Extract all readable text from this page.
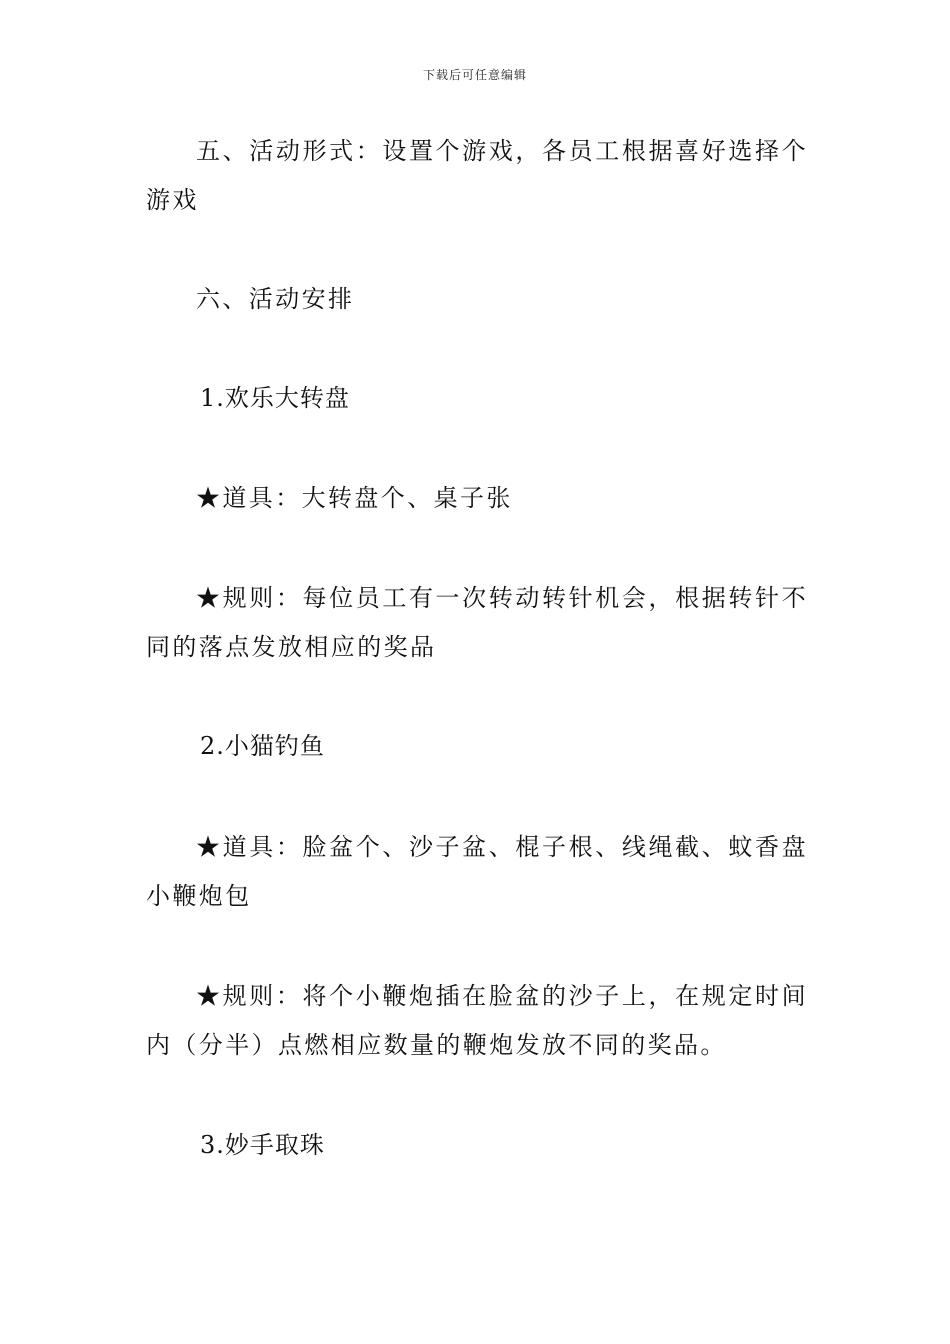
下载后可任意编辑

五、活动形式：设置个游戏，各员工根据喜好选择个游戏

六、活动安排

1.欢乐大转盘

★道具：大转盘个、桌子张

★规则：每位员工有一次转动转针机会，根据转针不同的落点发放相应的奖品

2.小猫钓鱼

★道具：脸盆个、沙子盆、棍子根、线绳截、蚊香盘小鞭炮包

★规则：将个小鞭炮插在脸盆的沙子上，在规定时间内（分半）点燃相应数量的鞭炮发放不同的奖品。

3.妙手取珠
